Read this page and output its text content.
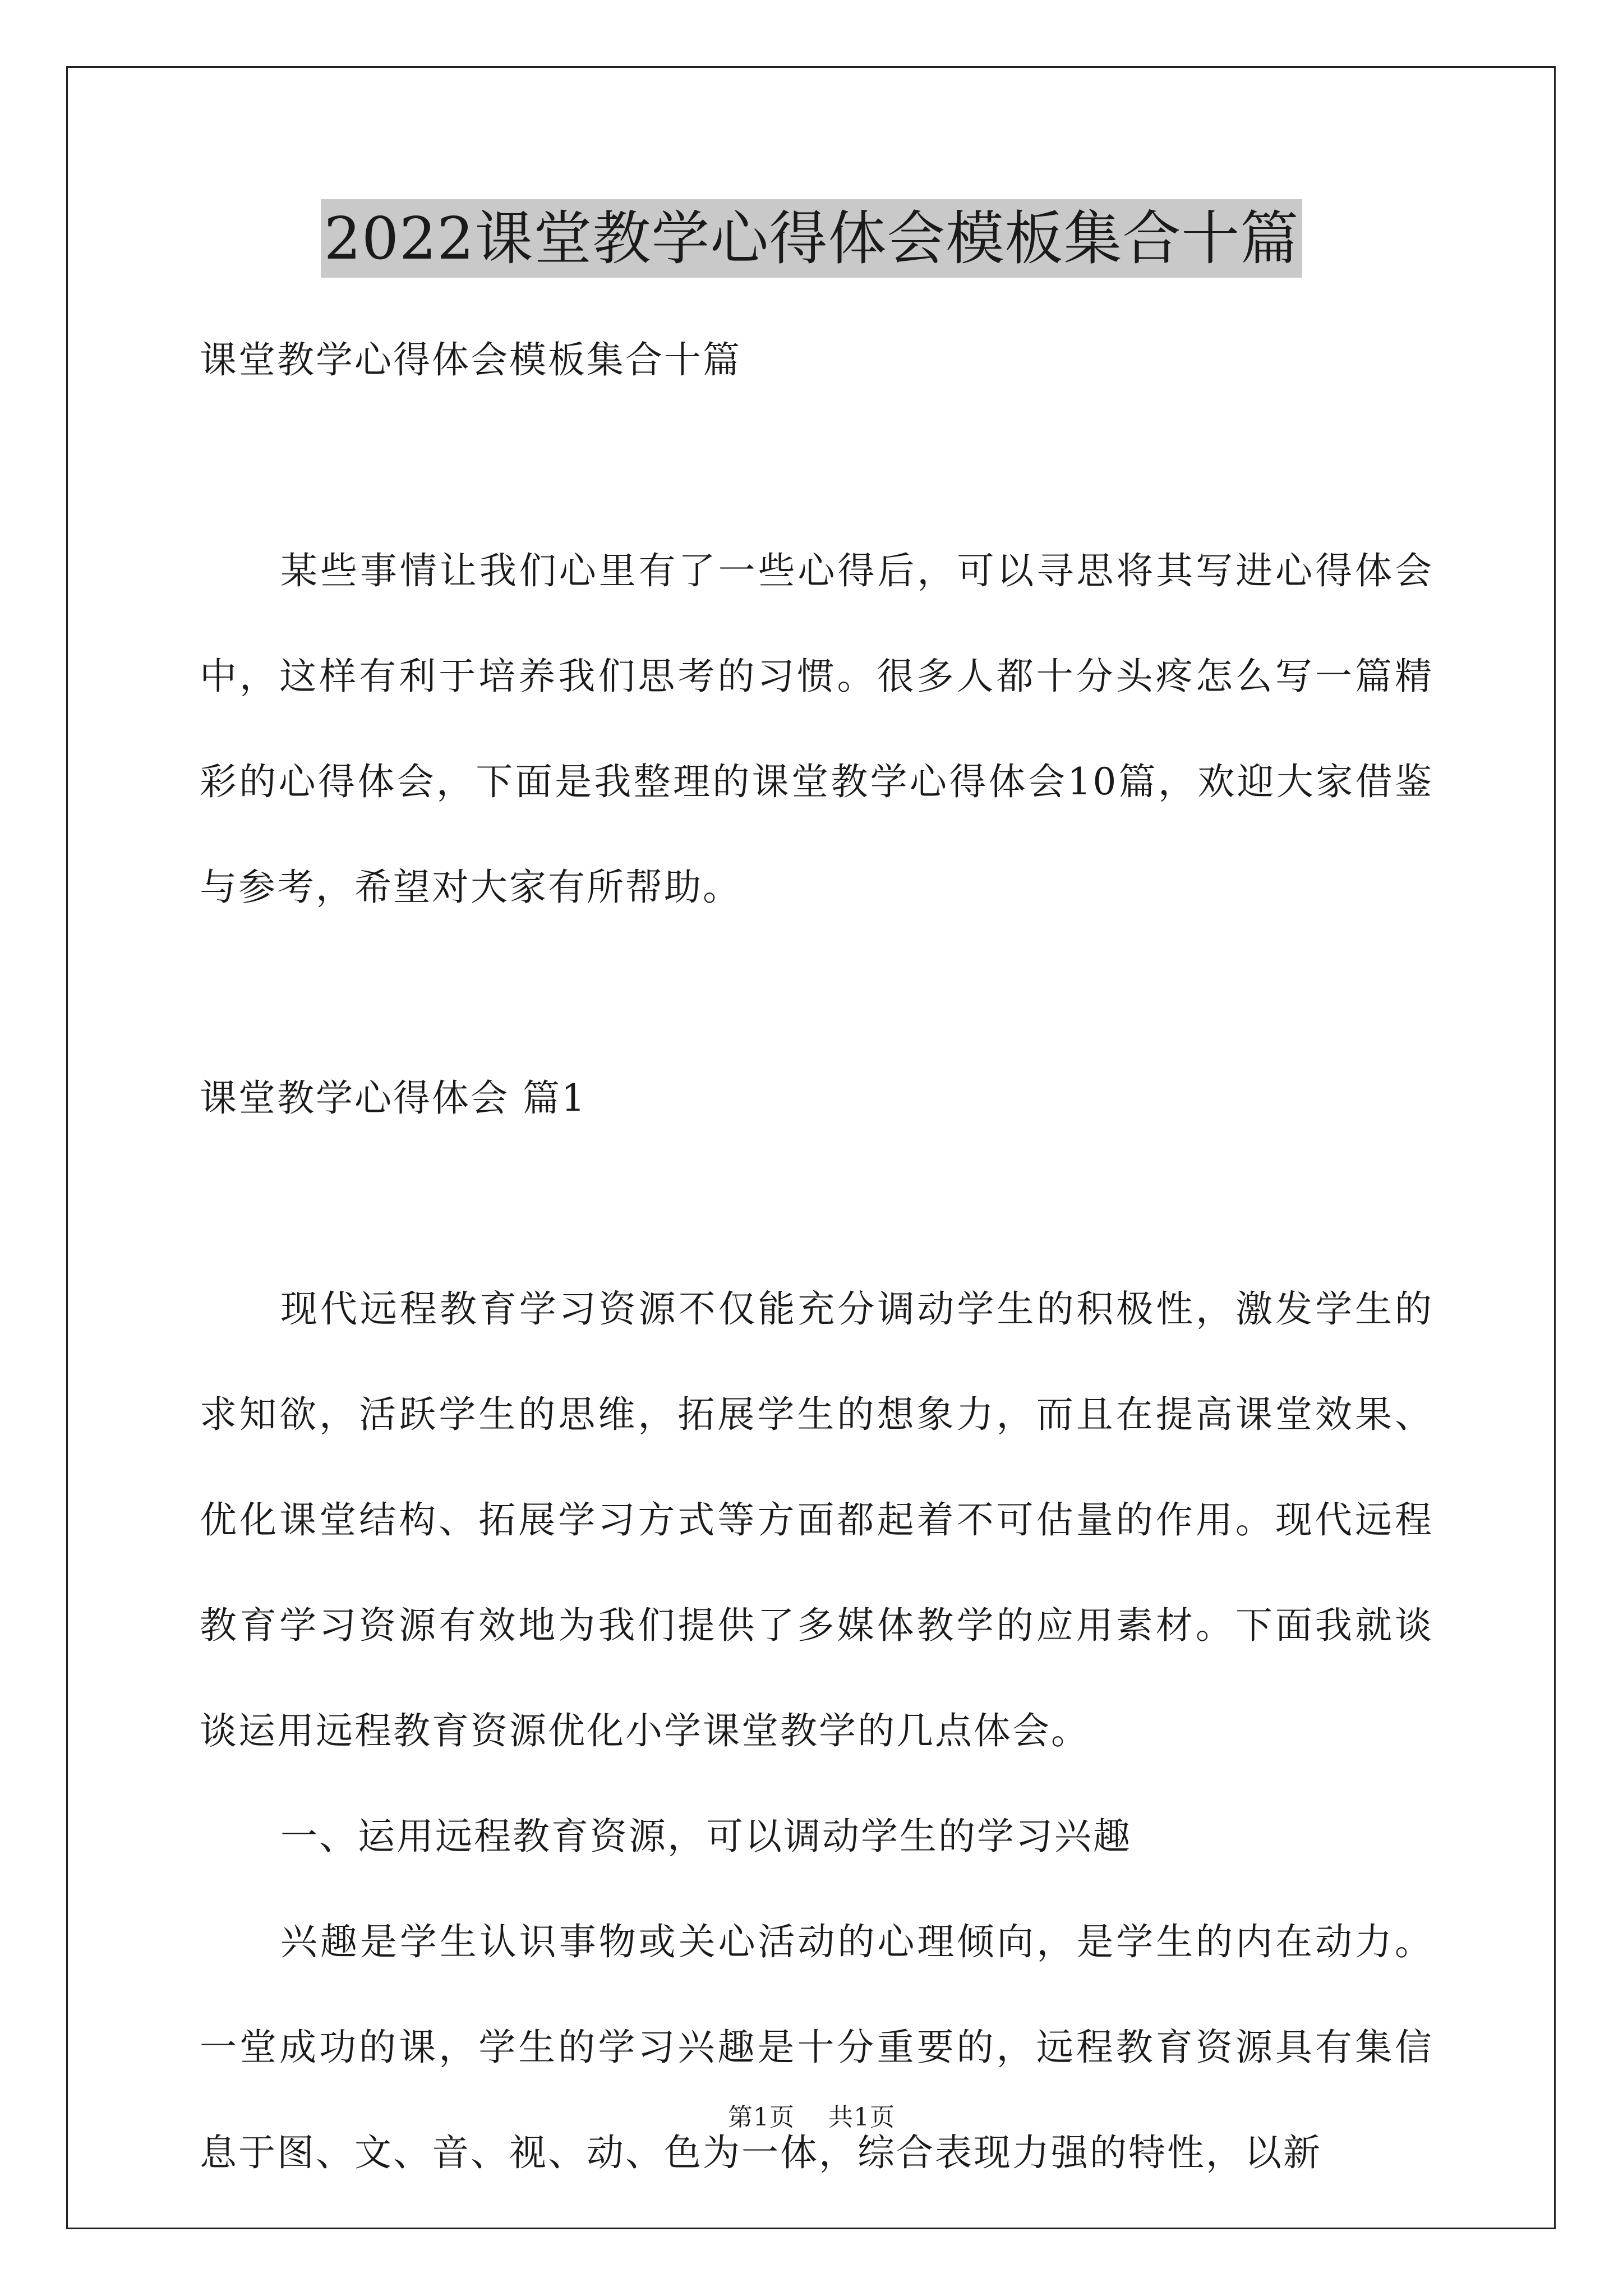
2022课堂教学心得体会模板集合十篇

课堂教学心得体会模板集合十篇

某些事情让我们心里有了一些心得后，可以寻思将其写进心得体会中，这样有利于培养我们思考的习惯。很多人都十分头疼怎么写一篇精彩的心得体会，下面是我整理的课堂教学心得体会10篇，欢迎大家借鉴与参考，希望对大家有所帮助。

课堂教学心得体会 篇1

现代远程教育学习资源不仅能充分调动学生的积极性，激发学生的求知欲，活跃学生的思维，拓展学生的想象力，而且在提高课堂效果、优化课堂结构、拓展学习方式等方面都起着不可估量的作用。现代远程教育学习资源有效地为我们提供了多媒体教学的应用素材。下面我就谈谈运用远程教育资源优化小学课堂教学的几点体会。

一、运用远程教育资源，可以调动学生的学习兴趣

兴趣是学生认识事物或关心活动的心理倾向，是学生的内在动力。一堂成功的课，学生的学习兴趣是十分重要的，远程教育资源具有集信息于图、文、音、视、动、色为一体，综合表现力强的特性，以新

第1页 共1页
